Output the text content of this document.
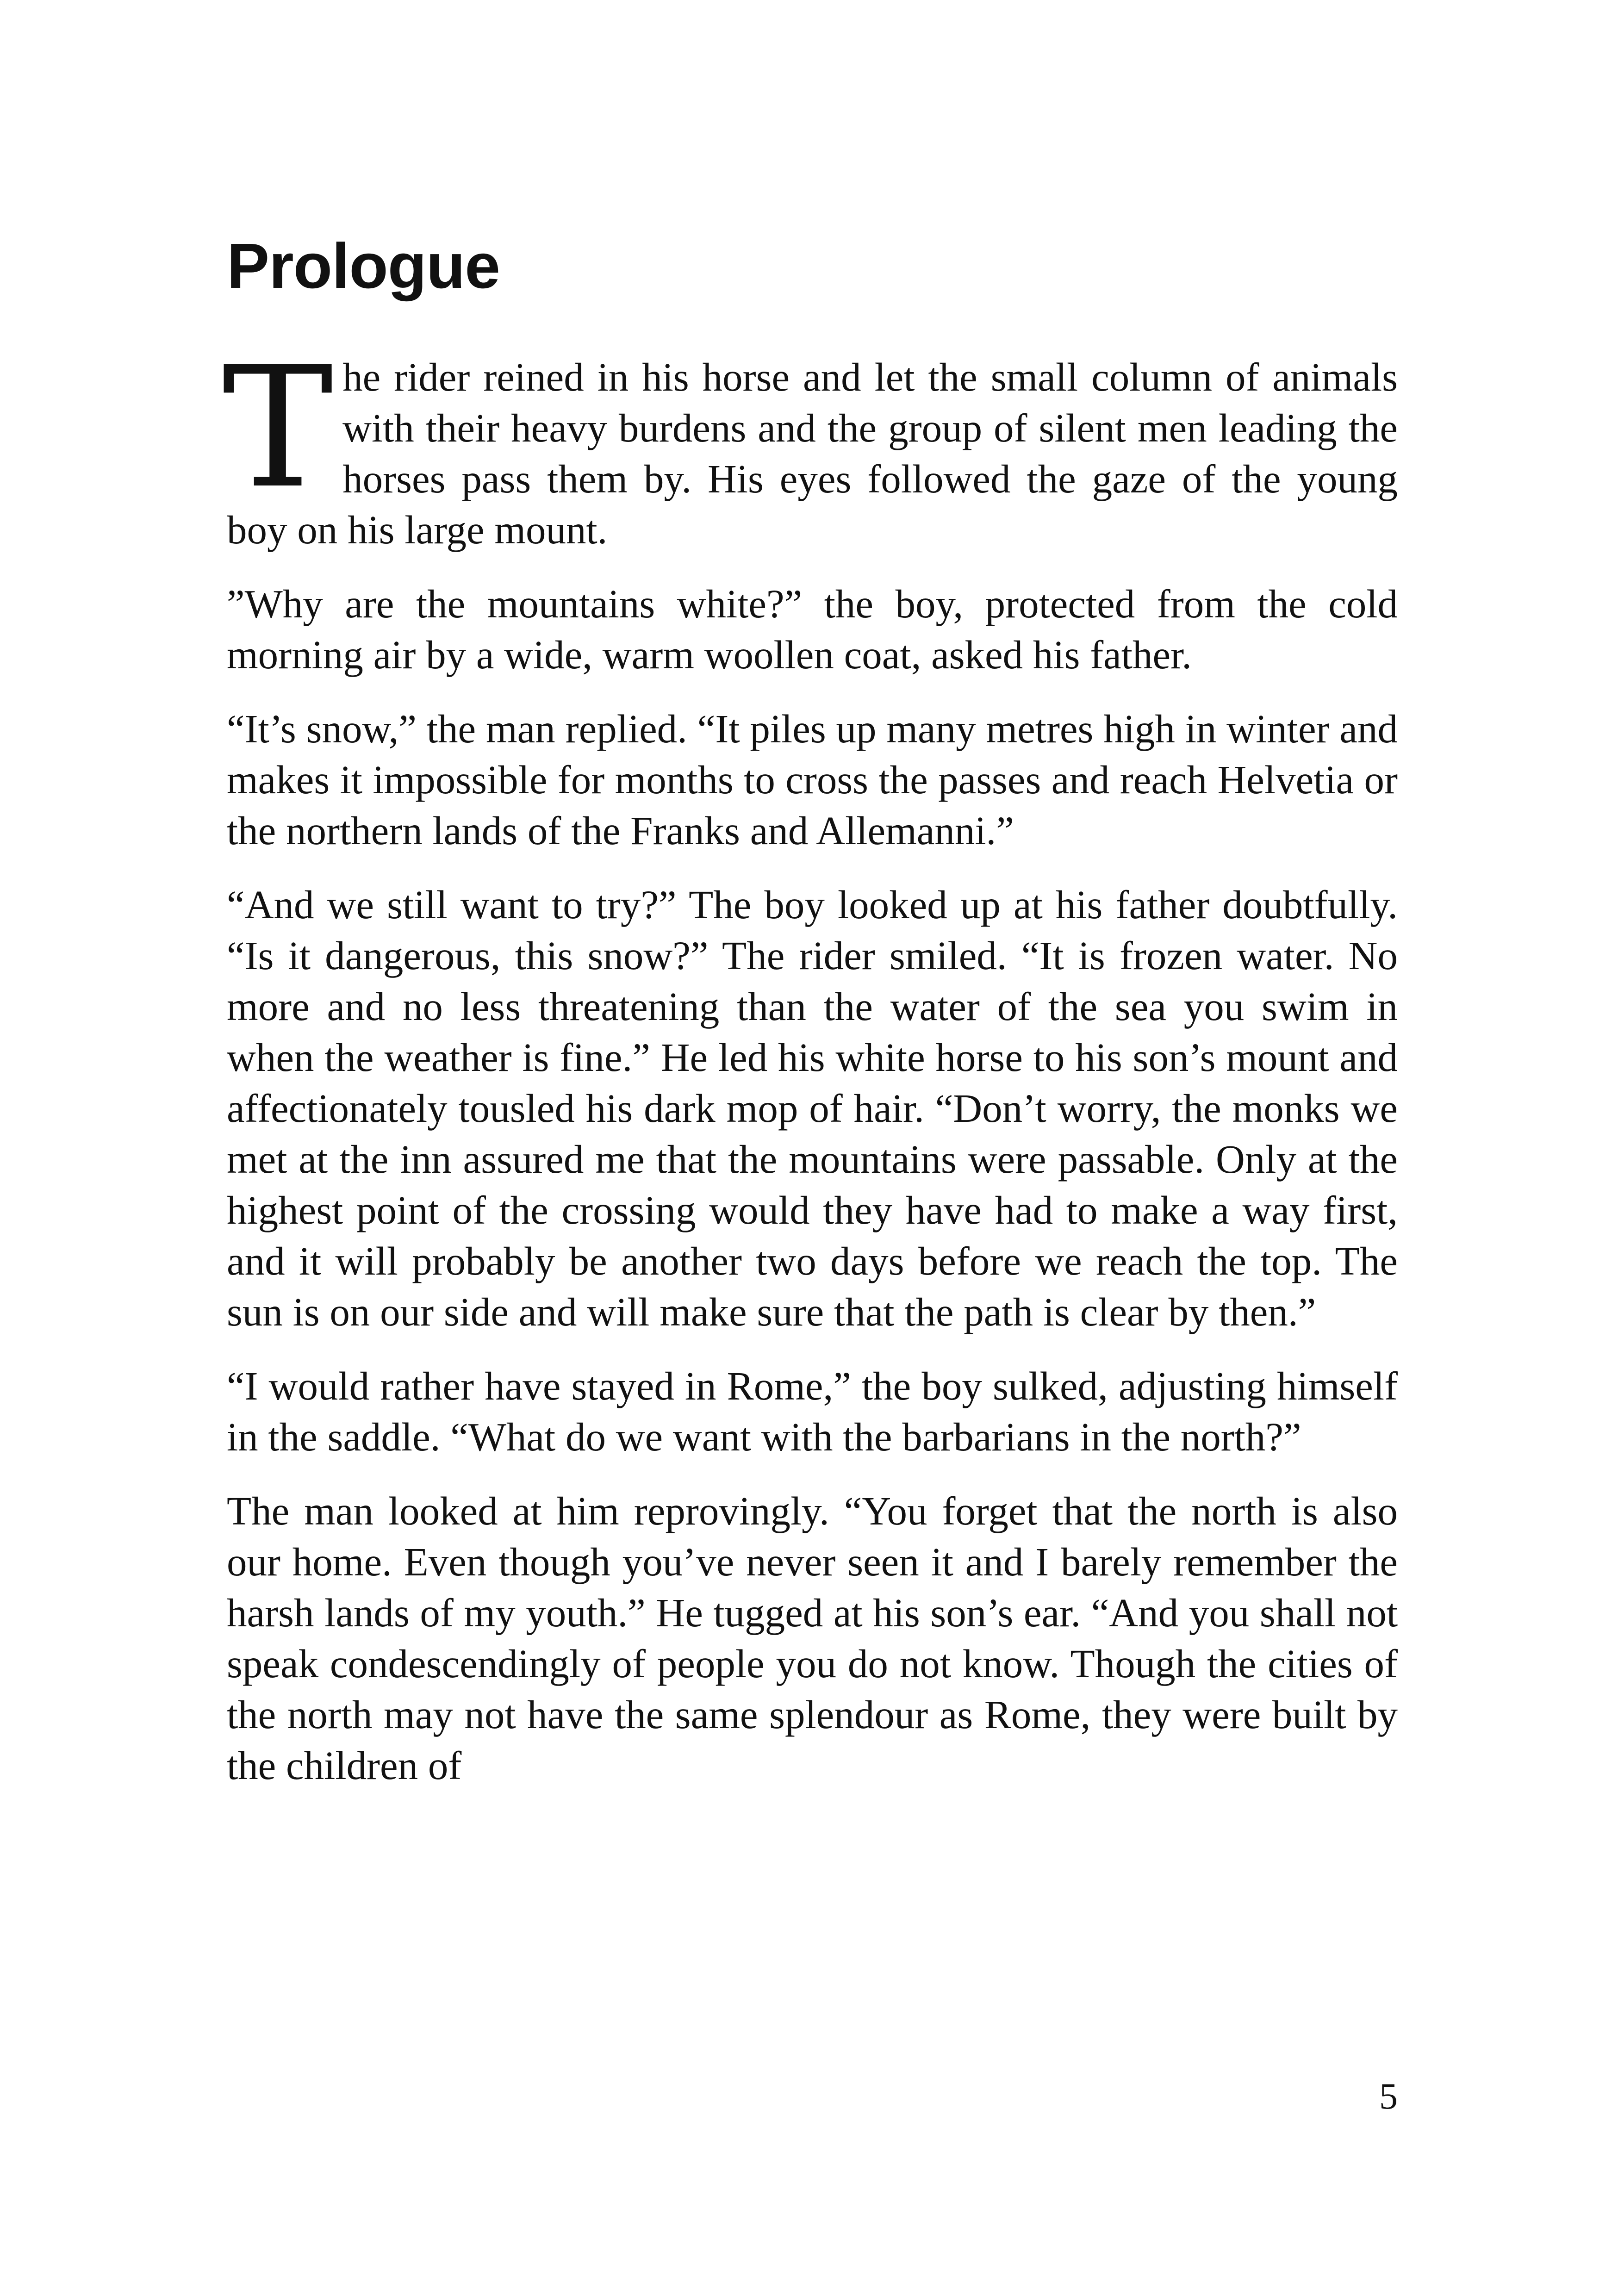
Prologue

The rider reined in his horse and let the small column of animals with their heavy burdens and the group of silent men leading the horses pass them by. His eyes followed the gaze of the young boy on his large mount.

”Why are the mountains white?” the boy, protected from the cold morning air by a wide, warm woollen coat, asked his father.

“It’s snow,” the man replied. “It piles up many metres high in winter and makes it impossible for months to cross the passes and reach Helvetia or the northern lands of the Franks and Allemanni.”

“And we still want to try?” The boy looked up at his father doubtfully. “Is it dangerous, this snow?” The rider smiled. “It is frozen water. No more and no less threatening than the water of the sea you swim in when the weather is fine.” He led his white horse to his son’s mount and affectionately tousled his dark mop of hair. “Don’t worry, the monks we met at the inn assured me that the mountains were passable. Only at the highest point of the crossing would they have had to make a way first, and it will probably be another two days before we reach the top. The sun is on our side and will make sure that the path is clear by then.”

“I would rather have stayed in Rome,” the boy sulked, adjusting himself in the saddle. “What do we want with the barbarians in the north?”

The man looked at him reprovingly. “You forget that the north is also our home. Even though you’ve never seen it and I barely remember the harsh lands of my youth.” He tugged at his son’s ear. “And you shall not speak condescendingly of people you do not know. Though the cities of the north may not have the same splendour as Rome, they were built by the children of

5
